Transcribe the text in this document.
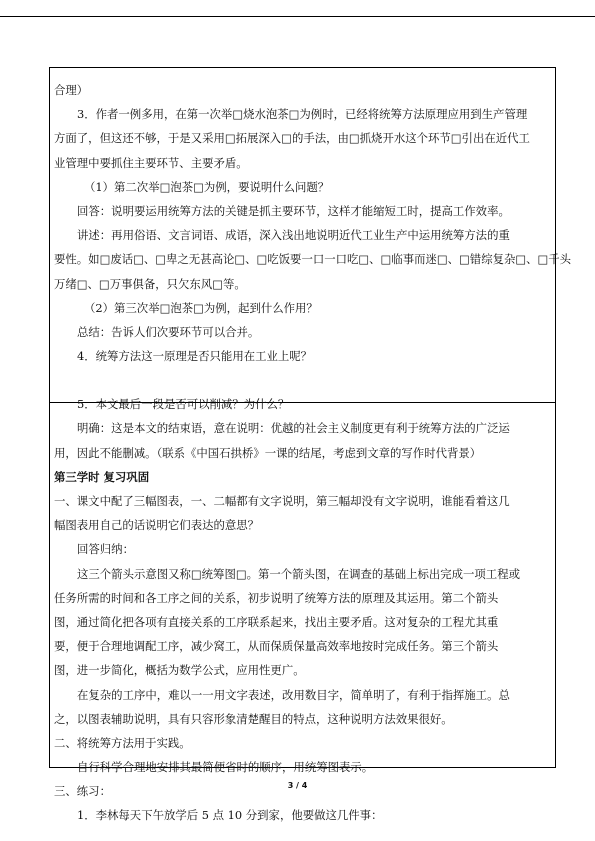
合理）
3．作者一例多用，在第一次举□烧水泡茶□为例时，已经将统筹方法原理应用到生产管理
方面了，但这还不够，于是又采用□拓展深入□的手法，由□抓烧开水这个环节□引出在近代工
业管理中要抓住主要环节、主要矛盾。
（1）第二次举□泡茶□为例，要说明什么问题？
回答：说明要运用统筹方法的关键是抓主要环节，这样才能缩短工时，提高工作效率。
讲述：再用俗语、文言词语、成语，深入浅出地说明近代工业生产中运用统筹方法的重
要性。如□废话□、□卑之无甚高论□、□吃饭要一口一口吃□、□临事而迷□、□错综复杂□、□千头
万绪□、□万事俱备，只欠东风□等。
（2）第三次举□泡茶□为例，起到什么作用？
总结：告诉人们次要环节可以合并。
4．统筹方法这一原理是否只能用在工业上呢？
5．本文最后一段是否可以削减？为什么？
明确：这是本文的结束语，意在说明：优越的社会主义制度更有利于统筹方法的广泛运
用，因此不能删减。（联系《中国石拱桥》一课的结尾，考虑到文章的写作时代背景）
第三学时 复习巩固
一、课文中配了三幅图表，一、二幅都有文字说明，第三幅却没有文字说明，谁能看着这几
幅图表用自己的话说明它们表达的意思？
回答归纳：
这三个箭头示意图又称□统筹图□。第一个箭头图，在调查的基础上标出完成一项工程或
任务所需的时间和各工序之间的关系，初步说明了统筹方法的原理及其运用。第二个箭头
图，通过简化把各项有直接关系的工序联系起来，找出主要矛盾。这对复杂的工程尤其重
要，便于合理地调配工序，减少窝工，从而保质保量高效率地按时完成任务。第三个箭头
图，进一步简化，概括为数学公式，应用性更广。
在复杂的工序中，难以一一用文字表述，改用数目字，简单明了，有利于指挥施工。总
之，以图表辅助说明，具有只容形象清楚醒目的特点，这种说明方法效果很好。
二、将统筹方法用于实践。
自行科学合理地安排其最简便省时的顺序，用统筹图表示。
三、练习：
1．李林每天下午放学后 5 点 10 分到家，他要做这几件事：
3 / 4
